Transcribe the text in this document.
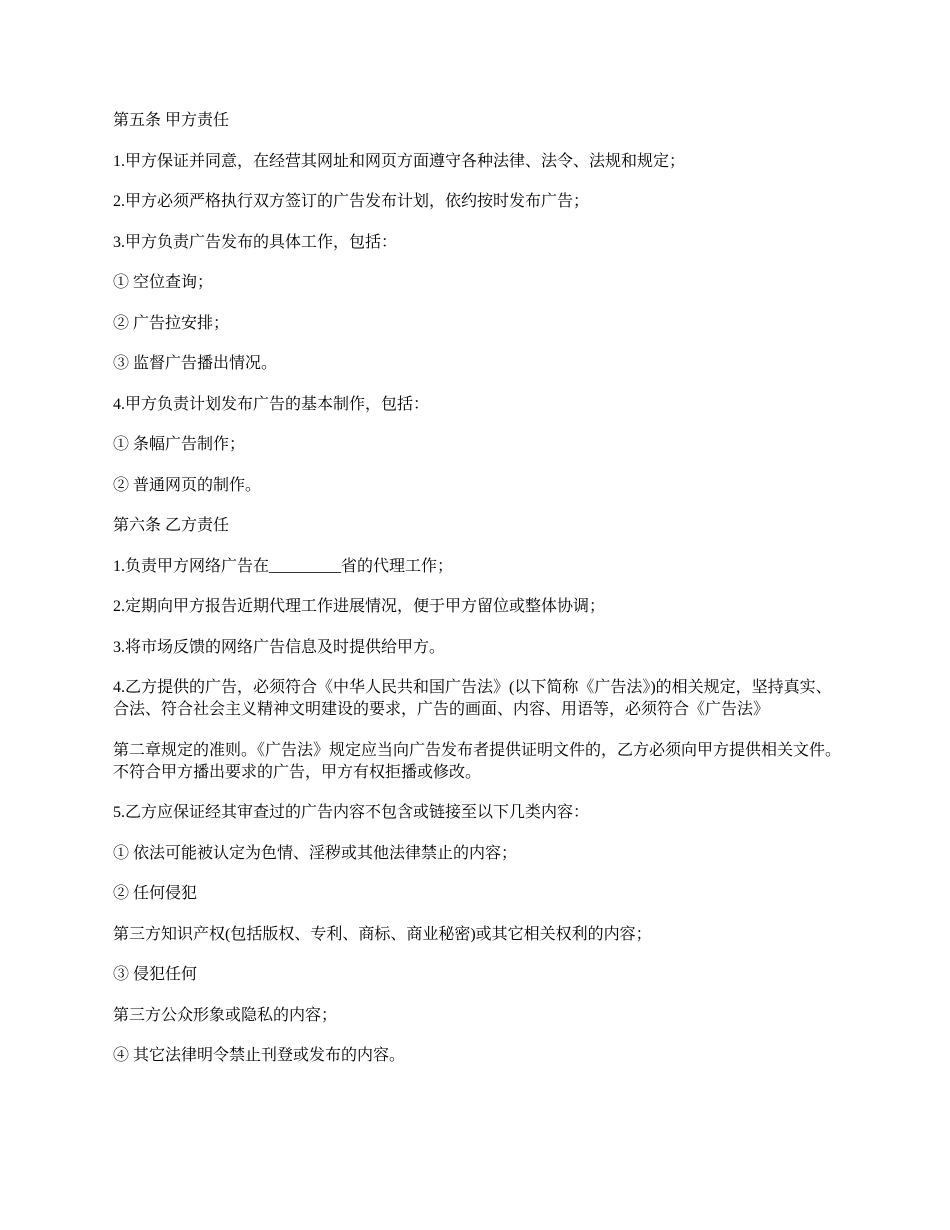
第五条 甲方责任

1.甲方保证并同意，在经营其网址和网页方面遵守各种法律、法令、法规和规定；

2.甲方必须严格执行双方签订的广告发布计划，依约按时发布广告；

3.甲方负责广告发布的具体工作，包括：

① 空位查询；

② 广告拉安排；

③ 监督广告播出情况。

4.甲方负责计划发布广告的基本制作，包括：

① 条幅广告制作；

② 普通网页的制作。

第六条 乙方责任

1.负责甲方网络广告在_________省的代理工作；

2.定期向甲方报告近期代理工作进展情况，便于甲方留位或整体协调；

3.将市场反馈的网络广告信息及时提供给甲方。

4.乙方提供的广告，必须符合《中华人民共和国广告法》(以下简称《广告法》)的相关规定，坚持真实、合法、符合社会主义精神文明建设的要求，广告的画面、内容、用语等，必须符合《广告法》

第二章规定的准则。《广告法》规定应当向广告发布者提供证明文件的，乙方必须向甲方提供相关文件。不符合甲方播出要求的广告，甲方有权拒播或修改。

5.乙方应保证经其审查过的广告内容不包含或链接至以下几类内容：

① 依法可能被认定为色情、淫秽或其他法律禁止的内容；

② 任何侵犯

第三方知识产权(包括版权、专利、商标、商业秘密)或其它相关权利的内容；

③ 侵犯任何

第三方公众形象或隐私的内容；

④ 其它法律明令禁止刊登或发布的内容。
